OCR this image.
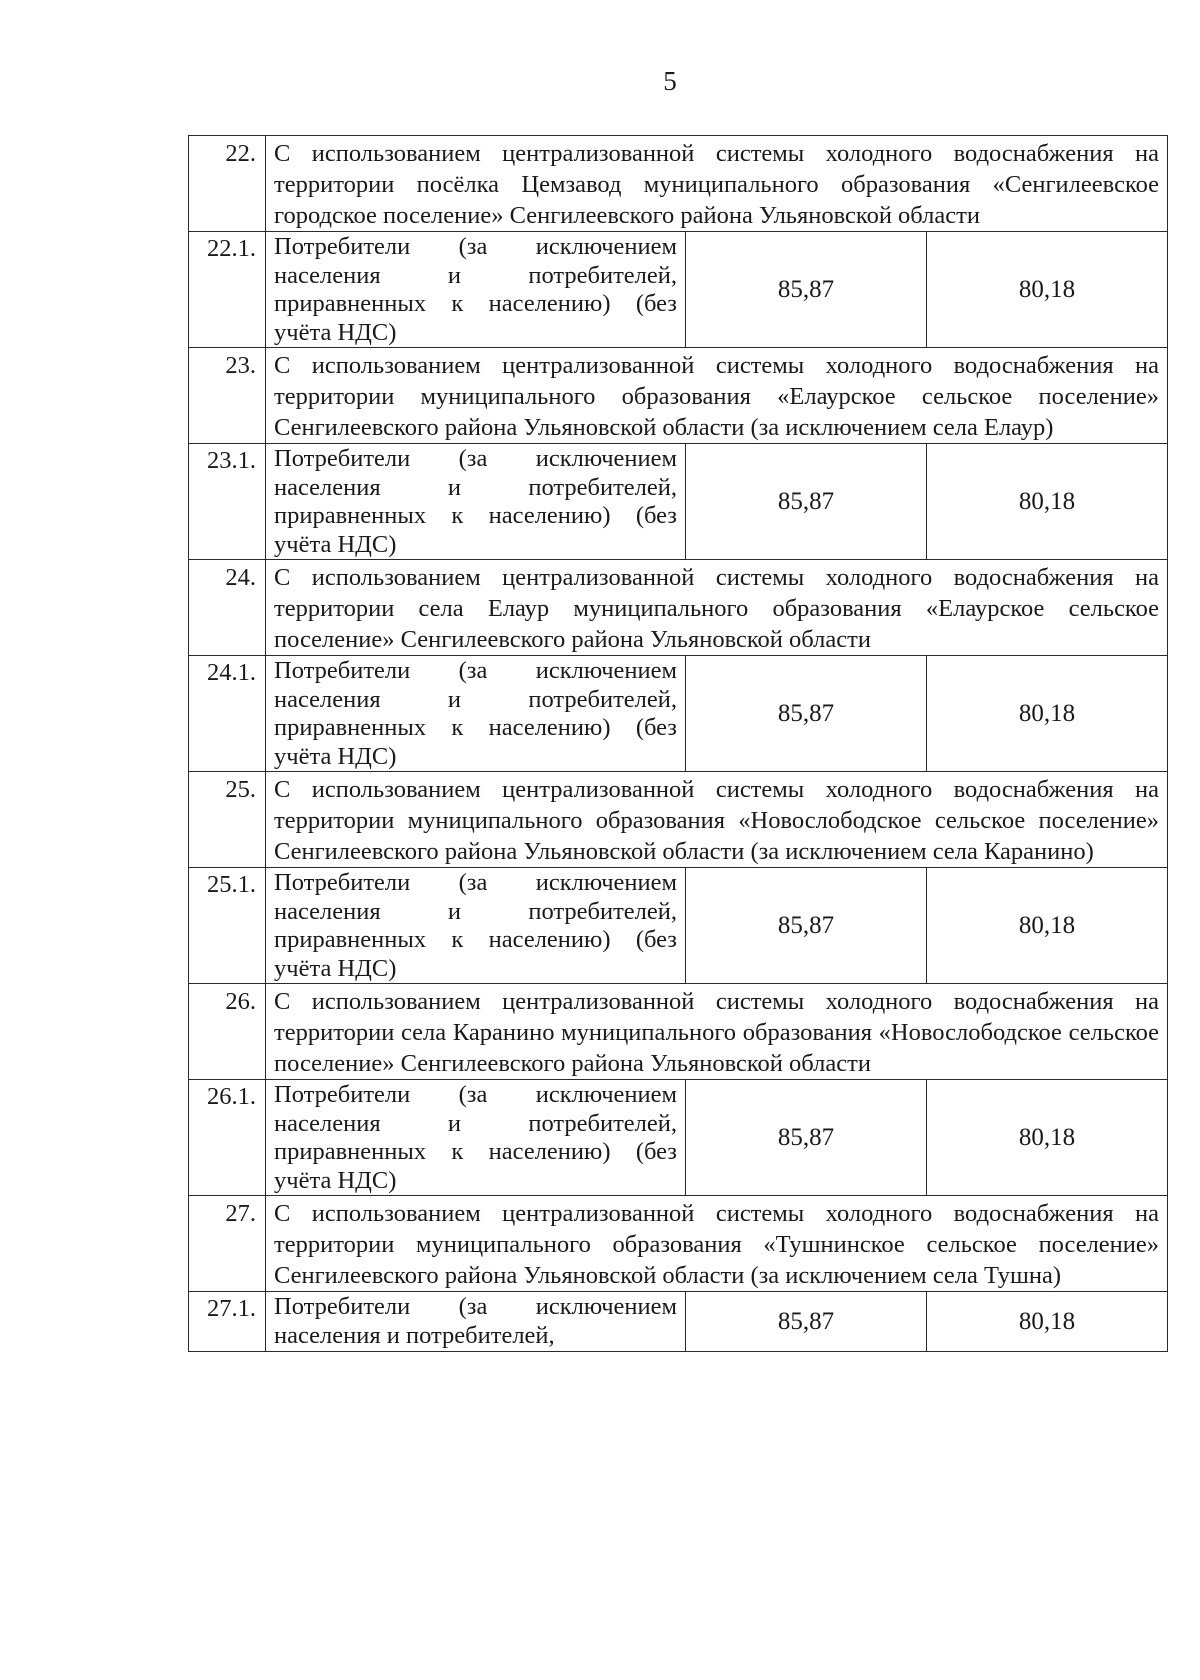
5
22.	С использованием централизованной системы холодного водоснабжения на территории посёлка Цемзавод муниципального образования «Сенгилеевское городское поселение» Сенгилеевского района Ульяновской области		
22.1.	Потребители (за исключением населения и потребителей, приравненных к населению) (без учёта НДС)	85,87	80,18
23.	С использованием централизованной системы холодного водоснабжения на территории муниципального образования «Елаурское сельское поселение» Сенгилеевского района Ульяновской области (за исключением села Елаур)		
23.1.	Потребители (за исключением населения и потребителей, приравненных к населению) (без учёта НДС)	85,87	80,18
24.	С использованием централизованной системы холодного водоснабжения на территории села Елаур муниципального образования «Елаурское сельское поселение» Сенгилеевского района Ульяновской области		
24.1.	Потребители (за исключением населения и потребителей, приравненных к населению) (без учёта НДС)	85,87	80,18
25.	С использованием централизованной системы холодного водоснабжения на территории муниципального образования «Новослободское сельское поселение» Сенгилеевского района Ульяновской области (за исключением села Каранино)		
25.1.	Потребители (за исключением населения и потребителей, приравненных к населению) (без учёта НДС)	85,87	80,18
26.	С использованием централизованной системы холодного водоснабжения на территории села Каранино муниципального образования «Новослободское сельское поселение» Сенгилеевского района Ульяновской области		
26.1.	Потребители (за исключением населения и потребителей, приравненных к населению) (без учёта НДС)	85,87	80,18
27.	С использованием централизованной системы холодного водоснабжения на территории муниципального образования «Тушнинское сельское поселение» Сенгилеевского района Ульяновской области (за исключением села Тушна)		
27.1.	Потребители (за исключением населения и потребителей,	85,87	80,18
